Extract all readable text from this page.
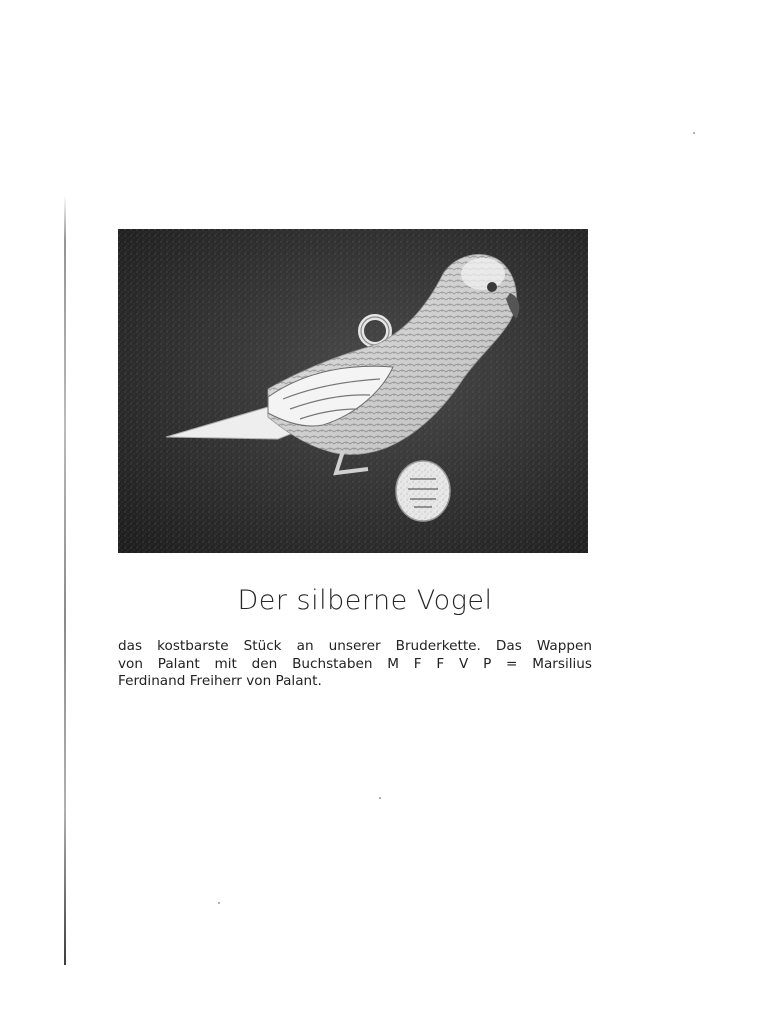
Der silberne Vogel
das kostbarste Stück an unserer Bruderkette. Das Wappen
von Palant mit den Buchstaben M F F V P = Marsilius
Ferdinand Freiherr von Palant.
